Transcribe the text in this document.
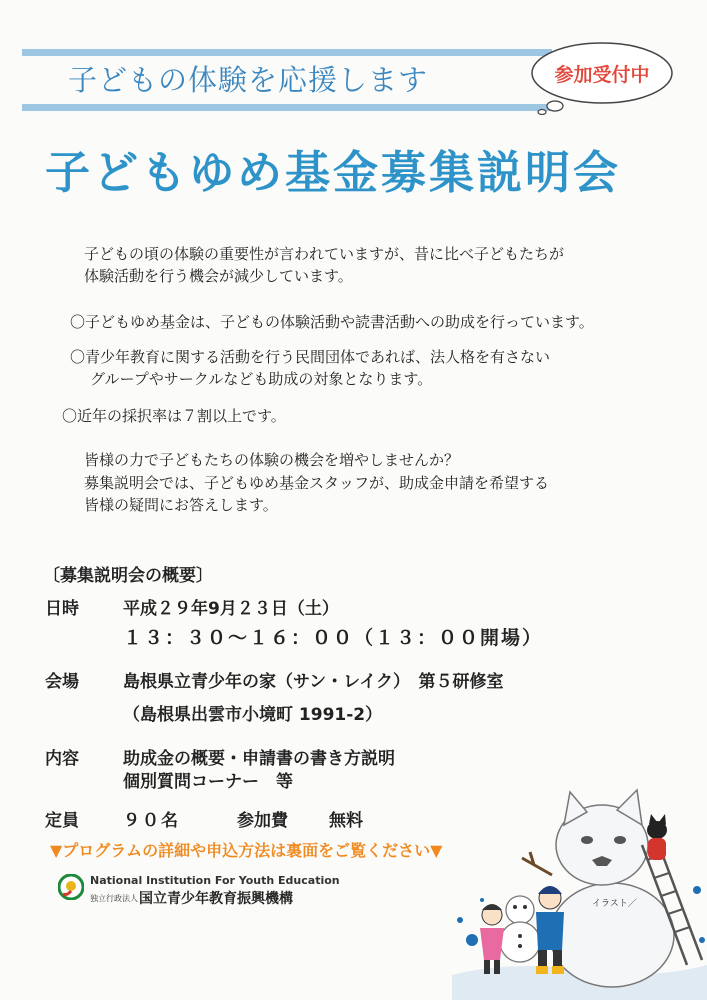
子どもの体験を応援します	参加受付中
子どもゆめ基金募集説明会
子どもの頃の体験の重要性が言われていますが、昔に比べ子どもたちが
体験活動を行う機会が減少しています。
〇子どもゆめ基金は、子どもの体験活動や読書活動への助成を行っています。
〇青少年教育に関する活動を行う民間団体であれば、法人格を有さない
グループやサークルなども助成の対象となります。
〇近年の採択率は７割以上です。
皆様の力で子どもたちの体験の機会を増やしませんか？
募集説明会では、子どもゆめ基金スタッフが、助成金申請を希望する
皆様の疑問にお答えします。
〔募集説明会の概要〕
日時	平成２９年9月２３日（土）
１３：３０～１６：００（１３：００開場）
会場	島根県立青少年の家（サン・レイク）　第５研修室
（島根県出雲市小境町 1991-2）
内容	助成金の概要・申請書の書き方説明
個別質問コーナー　等
定員	９０名	参加費 無料
▼プログラムの詳細や申込方法は裏面をご覧ください▼
National Institution For Youth Education
独立行政法人 国立青少年教育振興機構	イラスト／
